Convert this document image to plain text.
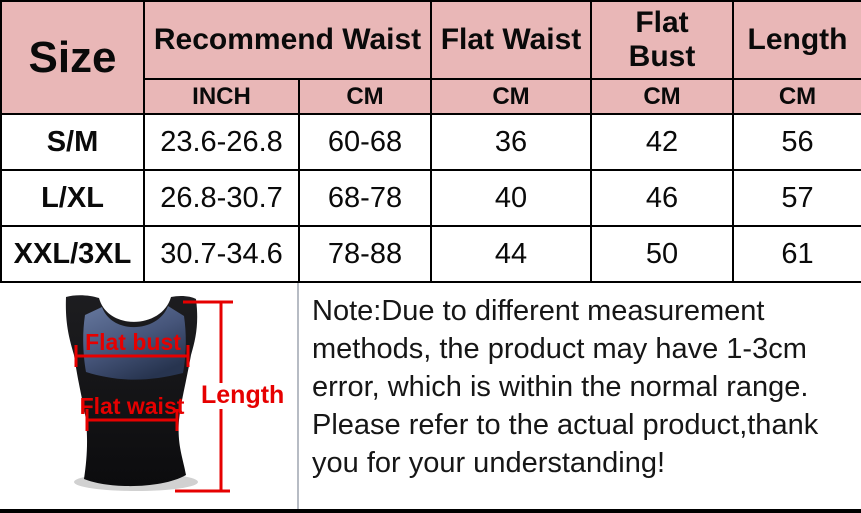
Size	Recommend Waist		Flat Waist	Flat Bust	Length
	INCH	CM	CM	CM	CM
S/M	23.6-26.8	60-68	36	42	56
L/XL	26.8-30.7	68-78	40	46	57
XXL/3XL	30.7-34.6	78-88	44	50	61
Flat bust
Flat waist Length
Note:Due to different measurement
methods, the product may have 1-3cm
error, which is within the normal range.
Please refer to the actual product,thank
you for your understanding!
